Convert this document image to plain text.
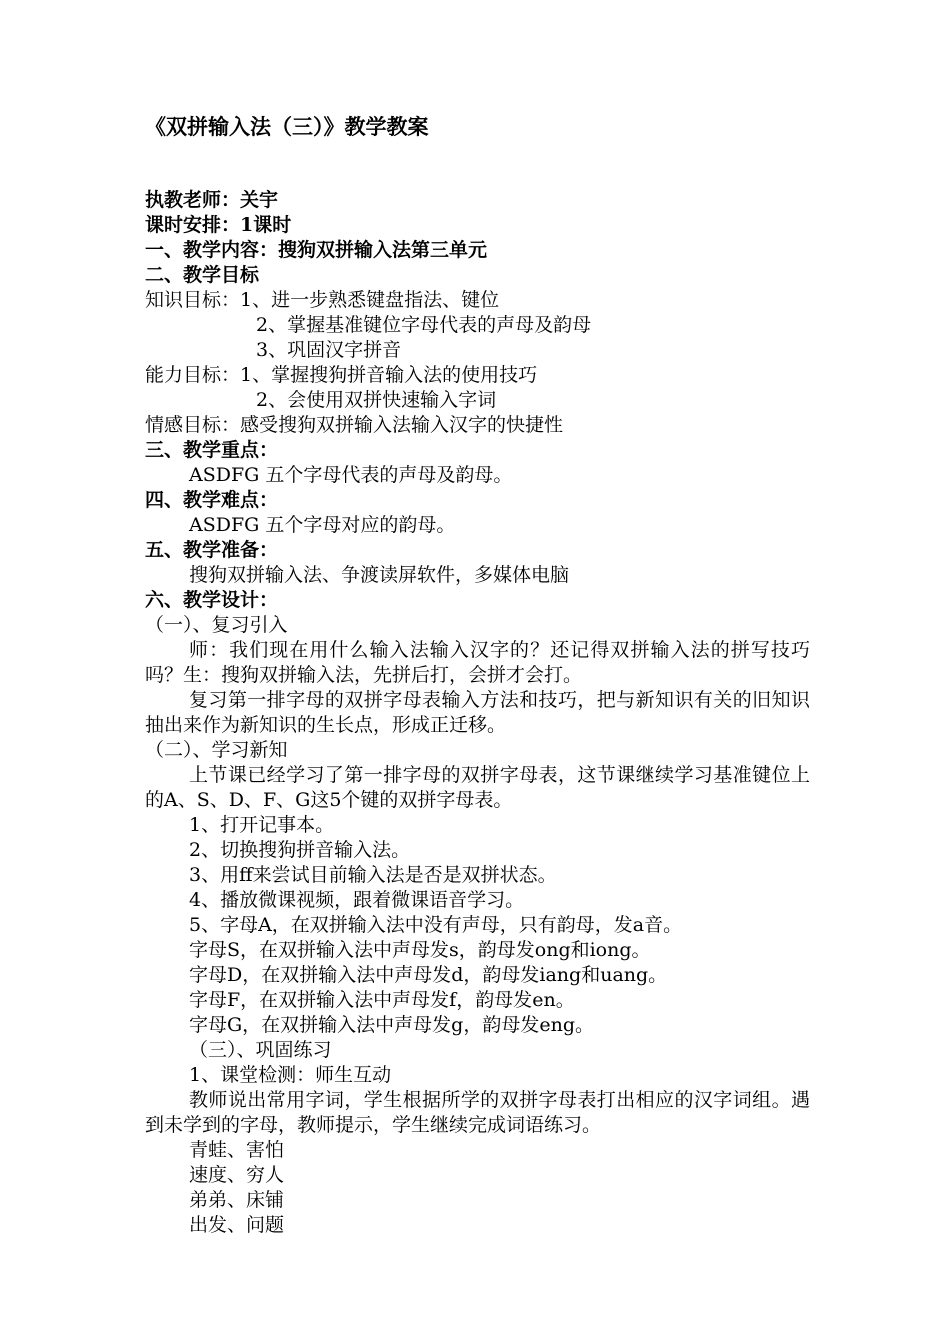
《双拼输入法（三）》教学教案

执教老师：关宇

课时安排：1课时

一、教学内容：搜狗双拼输入法第三单元

二、教学目标

知识目标：1、进一步熟悉键盘指法、键位

2、掌握基准键位字母代表的声母及韵母

3、巩固汉字拼音

能力目标：1、掌握搜狗拼音输入法的使用技巧

2、会使用双拼快速输入字词

情感目标：感受搜狗双拼输入法输入汉字的快捷性

三、教学重点：

ASDFG 五个字母代表的声母及韵母。

四、教学难点：

ASDFG 五个字母对应的韵母。

五、教学准备：

搜狗双拼输入法、争渡读屏软件，多媒体电脑

六、教学设计：

（一）、复习引入

师：我们现在用什么输入法输入汉字的？还记得双拼输入法的拼写技巧吗？生：搜狗双拼输入法，先拼后打，会拼才会打。

复习第一排字母的双拼字母表输入方法和技巧，把与新知识有关的旧知识抽出来作为新知识的生长点，形成正迁移。

（二）、学习新知

上节课已经学习了第一排字母的双拼字母表，这节课继续学习基准键位上的A、S、D、F、G这5个键的双拼字母表。

1、打开记事本。

2、切换搜狗拼音输入法。

3、用ff来尝试目前输入法是否是双拼状态。

4、播放微课视频，跟着微课语音学习。

5、字母A，在双拼输入法中没有声母，只有韵母，发a音。

字母S，在双拼输入法中声母发s，韵母发ong和iong。

字母D，在双拼输入法中声母发d，韵母发iang和uang。

字母F，在双拼输入法中声母发f，韵母发en。

字母G，在双拼输入法中声母发g，韵母发eng。

（三）、巩固练习

1、课堂检测：师生互动

教师说出常用字词，学生根据所学的双拼字母表打出相应的汉字词组。遇到未学到的字母，教师提示，学生继续完成词语练习。

青蛙、害怕

速度、穷人

弟弟、床铺

出发、问题
